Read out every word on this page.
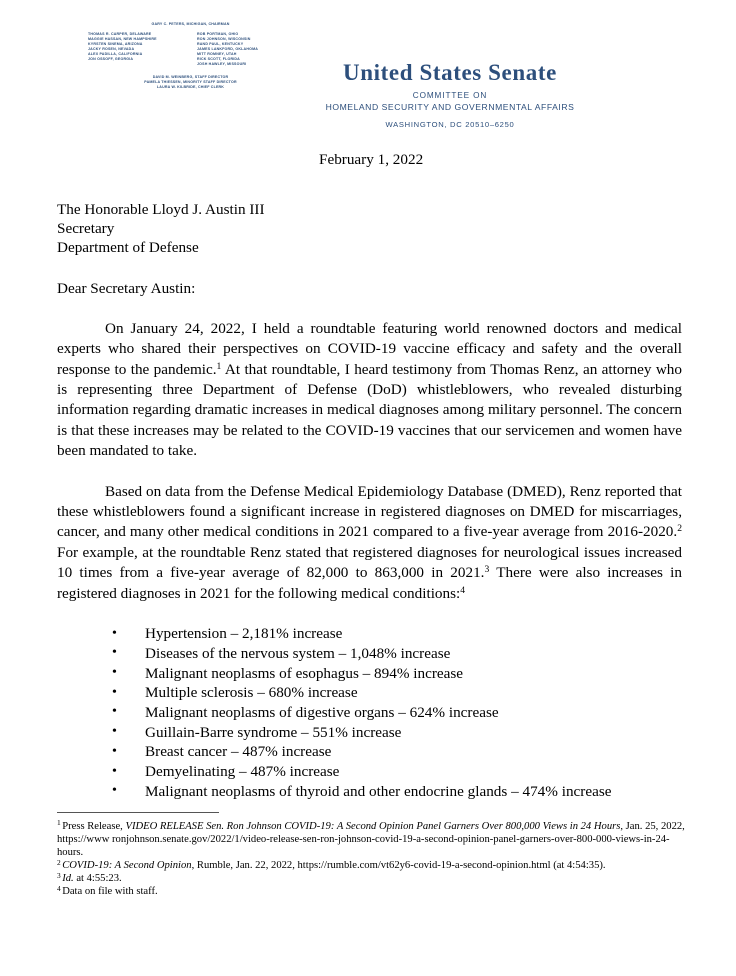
GARY C. PETERS, MICHIGAN, CHAIRMAN
THOMAS R. CARPER, DELAWARE
MAGGIE HASSAN, NEW HAMPSHIRE
KYRSTEN SINEMA, ARIZONA
JACKY ROSEN, NEVADA
ALEX PADILLA, CALIFORNIA
JON OSSOFF, GEORGIA
ROB PORTMAN, OHIO
RON JOHNSON, WISCONSIN
RAND PAUL, KENTUCKY
JAMES LANKFORD, OKLAHOMA
MITT ROMNEY, UTAH
RICK SCOTT, FLORIDA
JOSH HAWLEY, MISSOURI
DAVID M. WEINBERG, STAFF DIRECTOR
PAMELA THIESSEN, MINORITY STAFF DIRECTOR
LAURA W. KILBRIDE, CHIEF CLERK
United States Senate
COMMITTEE ON
HOMELAND SECURITY AND GOVERNMENTAL AFFAIRS
WASHINGTON, DC 20510–6250
February 1, 2022
The Honorable Lloyd J. Austin III
Secretary
Department of Defense
Dear Secretary Austin:

On January 24, 2022, I held a roundtable featuring world renowned doctors and medical experts who shared their perspectives on COVID-19 vaccine efficacy and safety and the overall response to the pandemic.$^1$ At that roundtable, I heard testimony from Thomas Renz, an attorney who is representing three Department of Defense (DoD) whistleblowers, who revealed disturbing information regarding dramatic increases in medical diagnoses among military personnel. The concern is that these increases may be related to the COVID-19 vaccines that our servicemen and women have been mandated to take.

Based on data from the Defense Medical Epidemiology Database (DMED), Renz reported that these whistleblowers found a significant increase in registered diagnoses on DMED for miscarriages, cancer, and many other medical conditions in 2021 compared to a five-year average from 2016-2020.$^2$ For example, at the roundtable Renz stated that registered diagnoses for neurological issues increased 10 times from a five-year average of 82,000 to 863,000 in 2021.$^3$ There were also increases in registered diagnoses in 2021 for the following medical conditions:$^4$

• Hypertension – 2,181% increase
• Diseases of the nervous system – 1,048% increase
• Malignant neoplasms of esophagus – 894% increase
• Multiple sclerosis – 680% increase
• Malignant neoplasms of digestive organs – 624% increase
• Guillain-Barre syndrome – 551% increase
• Breast cancer – 487% increase
• Demyelinating – 487% increase
• Malignant neoplasms of thyroid and other endocrine glands – 474% increase

$^1$ Press Release, VIDEO RELEASE Sen. Ron Johnson COVID-19: A Second Opinion Panel Garners Over 800,000 Views in 24 Hours, Jan. 25, 2022, https://www ronjohnson.senate.gov/2022/1/video-release-sen-ron-johnson-covid-19-a-second-opinion-panel-garners-over-800-000-views-in-24-hours.

$^2$ COVID-19: A Second Opinion, Rumble, Jan. 22, 2022, https://rumble.com/vt62y6-covid-19-a-second-opinion.html (at 4:54:35).

$^3$ Id. at 4:55:23.

$^4$ Data on file with staff.
